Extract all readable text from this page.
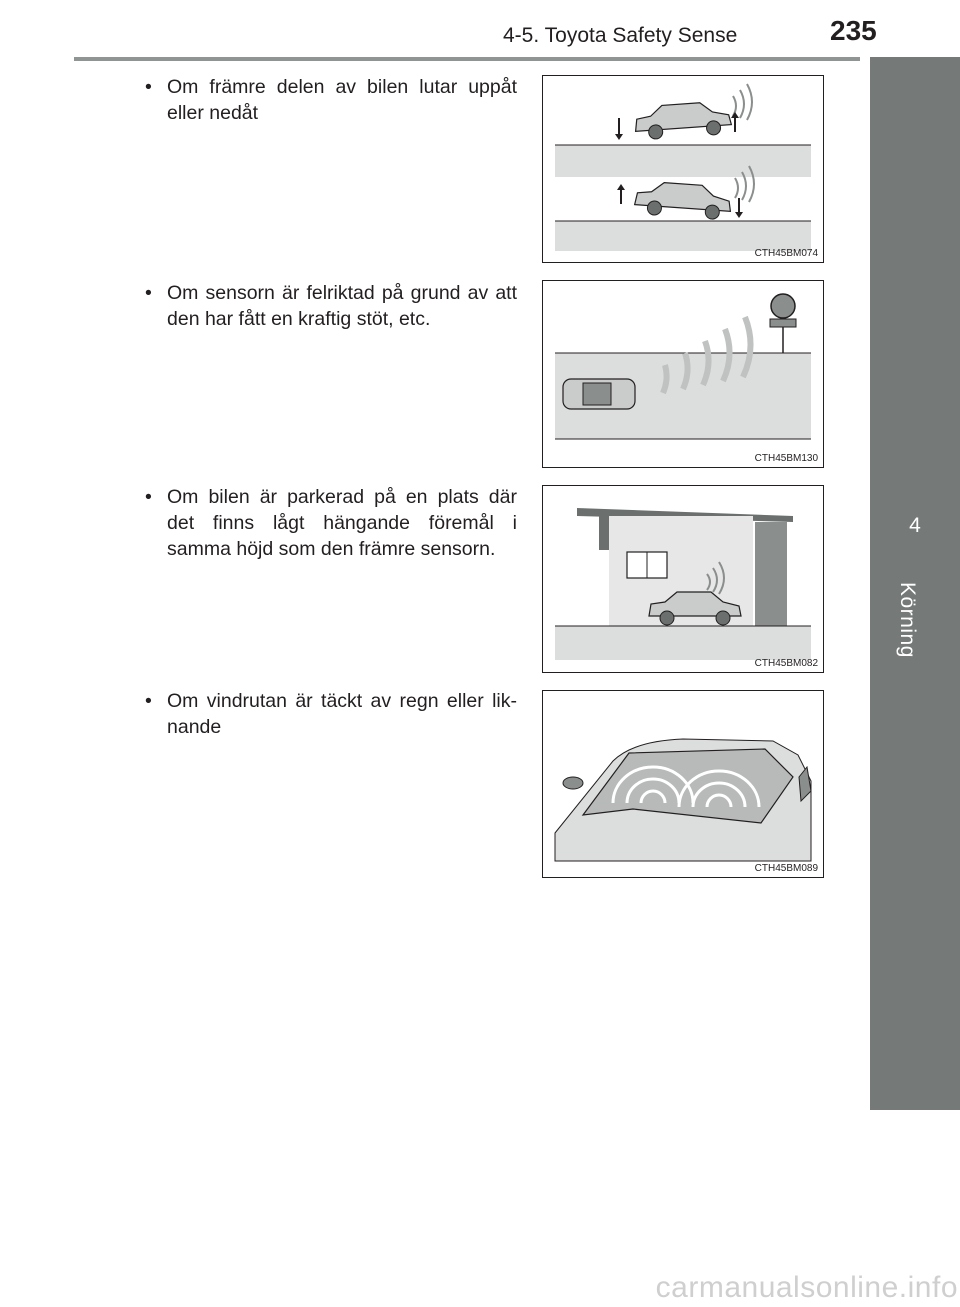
4-5. Toyota Safety Sense	235
4
Körning
• Om främre delen av bilen lutar uppåt eller nedåt
CTH45BM074
• Om sensorn är felriktad på grund av att den har fått en kraftig stöt, etc.
CTH45BM130
• Om bilen är parkerad på en plats där det finns lågt hängande föremål i samma höjd som den främre sensorn.
CTH45BM082
• Om vindrutan är täckt av regn eller lik-nande
CTH45BM089
carmanualsonline.info
